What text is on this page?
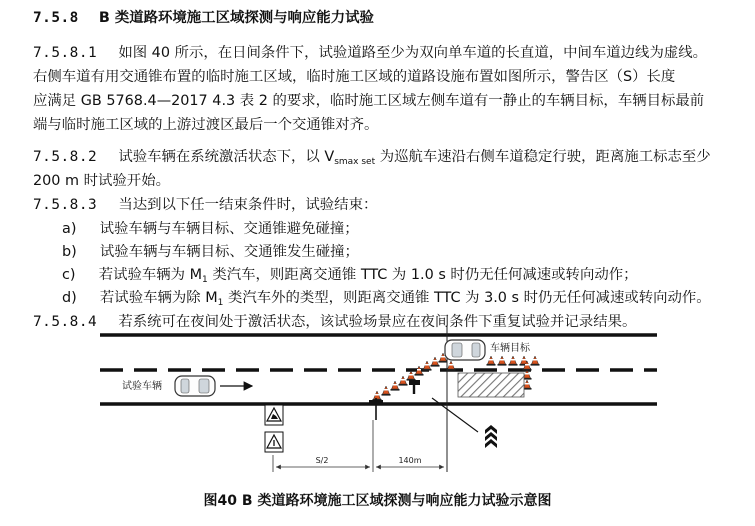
7.5.8 B 类道路环境施工区域探测与响应能力试验
7.5.8.1 如图 40 所示，在日间条件下，试验道路至少为双向单车道的长直道，中间车道边线为虚线。
右侧车道有用交通锥布置的临时施工区域，临时施工区域的道路设施布置如图所示，警告区（S）长度
应满足 GB 5768.4—2017 4.3 表 2 的要求，临时施工区域左侧车道有一静止的车辆目标，车辆目标最前
端与临时施工区域的上游过渡区最后一个交通锥对齐。
7.5.8.2 试验车辆在系统激活状态下，以 $V_{smax set}$ 为巡航车速沿右侧车道稳定行驶，距离施工标志至少
200 m 时试验开始。
7.5.8.3 当达到以下任一结束条件时，试验结束：
a) 试验车辆与车辆目标、交通锥避免碰撞；
b) 试验车辆与车辆目标、交通锥发生碰撞；
c) 若试验车辆为 $M_1$ 类汽车，则距离交通锥 TTC 为 1.0 s 时仍无任何减速或转向动作；
d) 若试验车辆为除 $M_1$ 类汽车外的类型，则距离交通锥 TTC 为 3.0 s 时仍无任何减速或转向动作。
7.5.8.4 若系统可在夜间处于激活状态，该试验场景应在夜间条件下重复试验并记录结果。
车辆目标
试验车辆
S/2	140m
图40 B 类道路环境施工区域探测与响应能力试验示意图
